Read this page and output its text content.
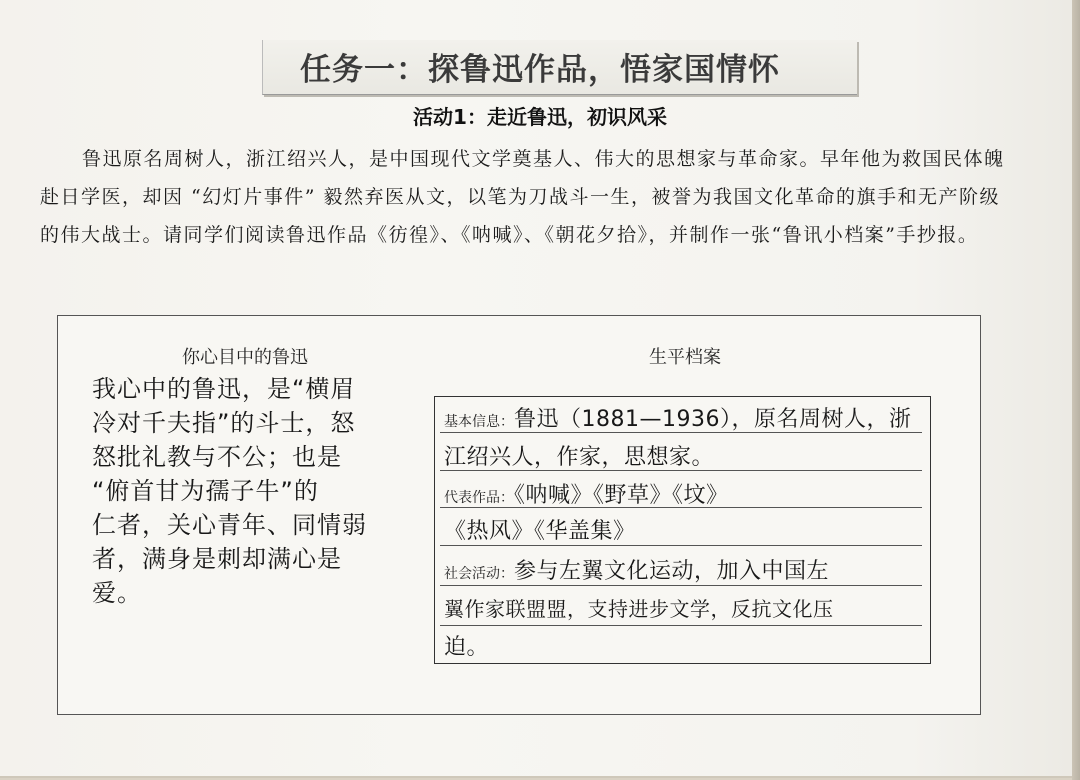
任务一：探鲁迅作品，悟家国情怀
活动1：走近鲁迅，初识风采
鲁迅原名周树人，浙江绍兴人，是中国现代文学奠基人、伟大的思想家与革命家。早年他为救国民体魄赴日学医，却因 “幻灯片事件” 毅然弃医从文，以笔为刀战斗一生，被誉为我国文化革命的旗手和无产阶级的伟大战士。请同学们阅读鲁迅作品《彷徨》、《呐喊》、《朝花夕拾》，并制作一张“鲁讯小档案”手抄报。
你心目中的鲁迅
我心中的鲁迅，是“横眉
冷对千夫指”的斗士，怒
怒批礼教与不公；也是
“俯首甘为孺子牛”的
仁者，关心青年、同情弱
者，满身是刺却满心是
爱。
生平档案
基本信息：鲁迅（1881—1936），原名周树人，浙
江绍兴人，作家，思想家。
代表作品：《呐喊》《野草》《坟》
《热风》《华盖集》
社会活动：参与左翼文化运动，加入中国左
翼作家联盟盟，支持进步文学，反抗文化压
迫。
